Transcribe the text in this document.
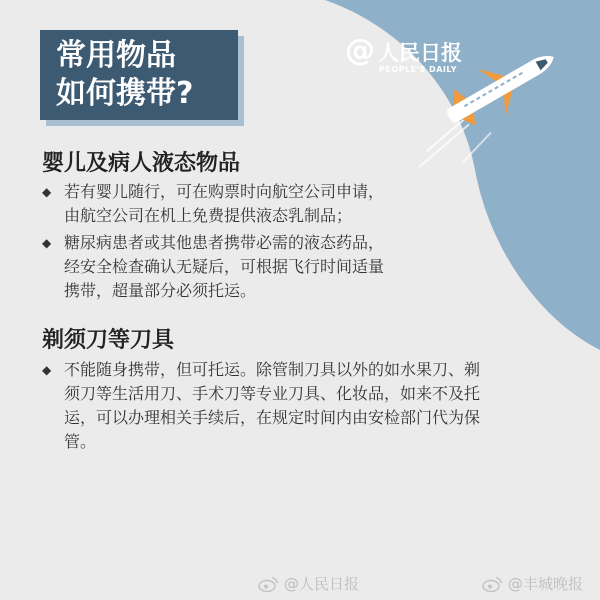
常用物品
如何携带?
@ 人民日报
PEOPLE'S DAILY
婴儿及病人液态物品
◆ 若有婴儿随行，可在购票时向航空公司申请，
由航空公司在机上免费提供液态乳制品；
◆ 糖尿病患者或其他患者携带必需的液态药品，
经安全检查确认无疑后，可根据飞行时间适量
携带，超量部分必须托运。
剃须刀等刀具
◆ 不能随身携带，但可托运。除管制刀具以外的如水果刀、剃
须刀等生活用刀、手术刀等专业刀具、化妆品，如来不及托
运，可以办理相关手续后，在规定时间内由安检部门代为保
管。
@人民日报	@丰城晚报
